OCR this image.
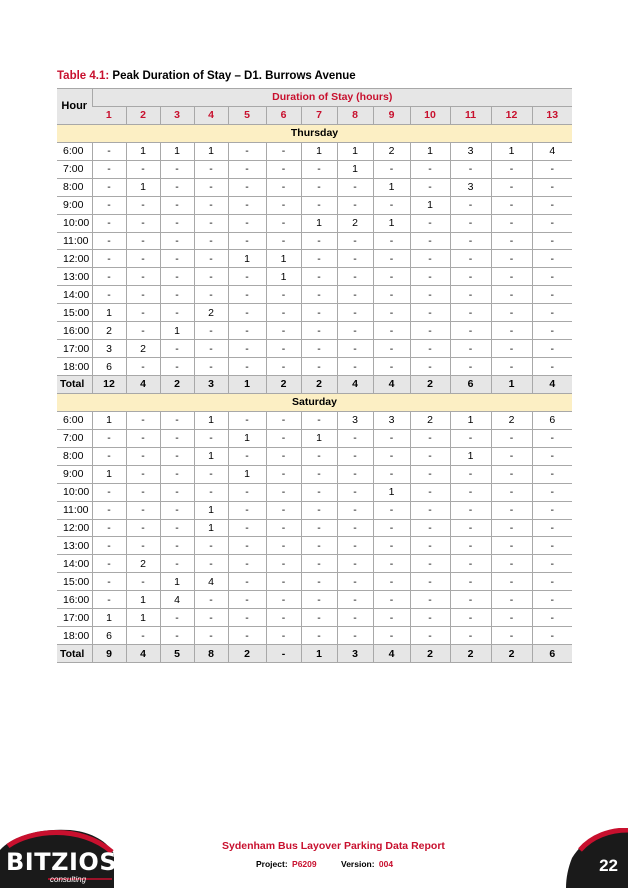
Table 4.1: Peak Duration of Stay – D1. Burrows Avenue
Hour	Duration of Stay (hours)												
	1	2	3	4	5	6	7	8	9	10	11	12	13
Thursday													
6:00	-	1	1	1	-	-	1	1	2	1	3	1	4
7:00	-	-	-	-	-	-	-	1	-	-	-	-	-
8:00	-	1	-	-	-	-	-	-	1	-	3	-	-
9:00	-	-	-	-	-	-	-	-	-	1	-	-	-
10:00	-	-	-	-	-	-	1	2	1	-	-	-	-
11:00	-	-	-	-	-	-	-	-	-	-	-	-	-
12:00	-	-	-	-	1	1	-	-	-	-	-	-	-
13:00	-	-	-	-	-	1	-	-	-	-	-	-	-
14:00	-	-	-	-	-	-	-	-	-	-	-	-	-
15:00	1	-	-	2	-	-	-	-	-	-	-	-	-
16:00	2	-	1	-	-	-	-	-	-	-	-	-	-
17:00	3	2	-	-	-	-	-	-	-	-	-	-	-
18:00	6	-	-	-	-	-	-	-	-	-	-	-	-
Total	12	4	2	3	1	2	2	4	4	2	6	1	4
Saturday													
6:00	1	-	-	1	-	-	-	3	3	2	1	2	6
7:00	-	-	-	-	1	-	1	-	-	-	-	-	-
8:00	-	-	-	1	-	-	-	-	-	-	1	-	-
9:00	1	-	-	-	1	-	-	-	-	-	-	-	-
10:00	-	-	-	-	-	-	-	-	1	-	-	-	-
11:00	-	-	-	1	-	-	-	-	-	-	-	-	-
12:00	-	-	-	1	-	-	-	-	-	-	-	-	-
13:00	-	-	-	-	-	-	-	-	-	-	-	-	-
14:00	-	2	-	-	-	-	-	-	-	-	-	-	-
15:00	-	-	1	4	-	-	-	-	-	-	-	-	-
16:00	-	1	4	-	-	-	-	-	-	-	-	-	-
17:00	1	1	-	-	-	-	-	-	-	-	-	-	-
18:00	6	-	-	-	-	-	-	-	-	-	-	-	-
Total	9	4	5	8	2	-	1	3	4	2	2	2	6
Sydenham Bus Layover Parking Data Report
Project: P6209	Version: 004
BITZIOS
consulting
22
